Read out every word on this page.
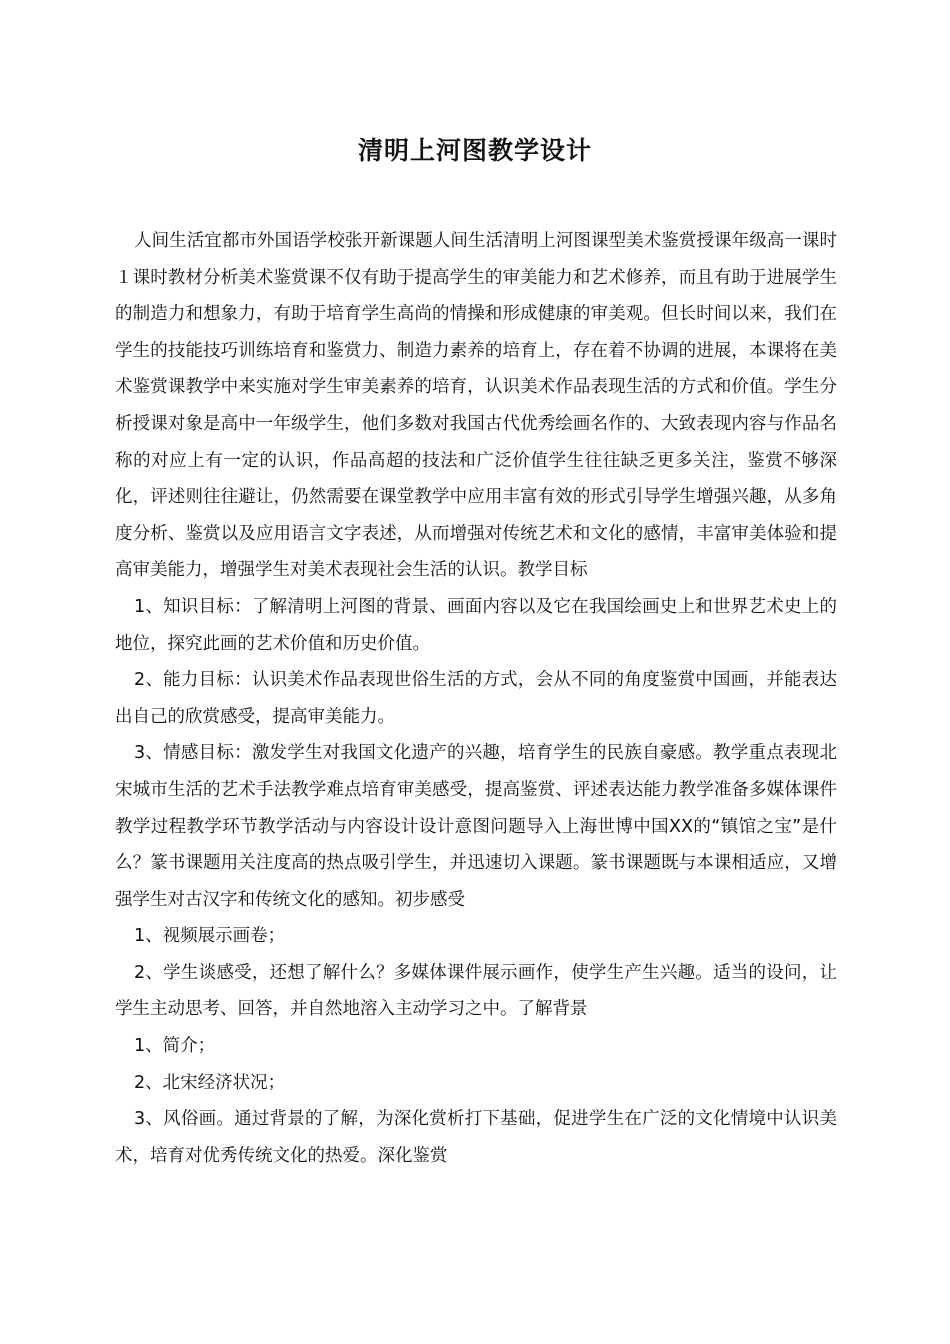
清明上河图教学设计

人间生活宜都市外国语学校张开新课题人间生活清明上河图课型美术鉴赏授课年级高一课时１课时教材分析美术鉴赏课不仅有助于提高学生的审美能力和艺术修养，而且有助于进展学生的制造力和想象力，有助于培育学生高尚的情操和形成健康的审美观。但长时间以来，我们在学生的技能技巧训练培育和鉴赏力、制造力素养的培育上，存在着不协调的进展，本课将在美术鉴赏课教学中来实施对学生审美素养的培育，认识美术作品表现生活的方式和价值。学生分析授课对象是高中一年级学生，他们多数对我国古代优秀绘画名作的、大致表现内容与作品名称的对应上有一定的认识，作品高超的技法和广泛价值学生往往缺乏更多关注，鉴赏不够深化，评述则往往避让，仍然需要在课堂教学中应用丰富有效的形式引导学生增强兴趣，从多角度分析、鉴赏以及应用语言文字表述，从而增强对传统艺术和文化的感情，丰富审美体验和提高审美能力，增强学生对美术表现社会生活的认识。教学目标

1、知识目标：了解清明上河图的背景、画面内容以及它在我国绘画史上和世界艺术史上的地位，探究此画的艺术价值和历史价值。

2、能力目标：认识美术作品表现世俗生活的方式，会从不同的角度鉴赏中国画，并能表达出自己的欣赏感受，提高审美能力。

3、情感目标：激发学生对我国文化遗产的兴趣，培育学生的民族自豪感。教学重点表现北宋城市生活的艺术手法教学难点培育审美感受，提高鉴赏、评述表达能力教学准备多媒体课件教学过程教学环节教学活动与内容设计设计意图问题导入上海世博中国XX的“镇馆之宝”是什么？篆书课题用关注度高的热点吸引学生，并迅速切入课题。篆书课题既与本课相适应，又增强学生对古汉字和传统文化的感知。初步感受

1、视频展示画卷；

2、学生谈感受，还想了解什么？多媒体课件展示画作，使学生产生兴趣。适当的设问，让学生主动思考、回答，并自然地溶入主动学习之中。了解背景

1、简介；

2、北宋经济状况；

3、风俗画。通过背景的了解，为深化赏析打下基础，促进学生在广泛的文化情境中认识美术，培育对优秀传统文化的热爱。深化鉴赏
